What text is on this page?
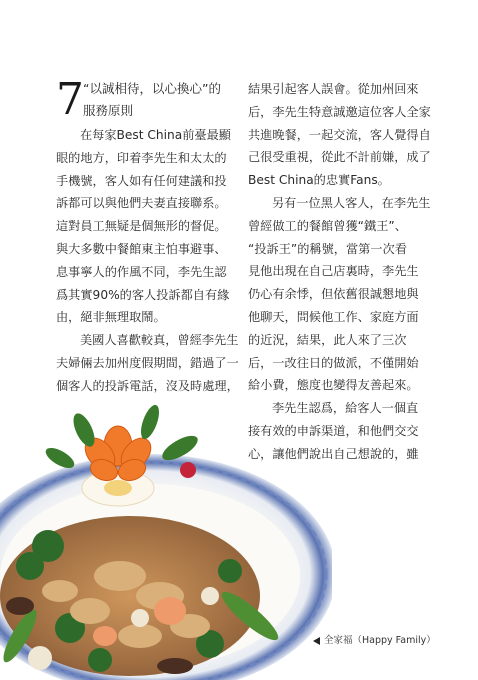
7 “以誠相待，以心換心”的
服務原則
在每家Best China前臺最顯
眼的地方，印着李先生和太太的
手機號，客人如有任何建議和投
訴都可以與他們夫妻直接聯系。
這對員工無疑是個無形的督促。
與大多數中餐館東主怕事避事、
息事寧人的作風不同，李先生認
爲其實90%的客人投訴都自有緣
由，絕非無理取鬧。
美國人喜歡較真，曾經李先生
夫婦倆去加州度假期間，錯過了一
個客人的投訴電話，沒及時處理，
結果引起客人誤會。從加州回來
后，李先生特意誠邀這位客人全家
共進晚餐，一起交流，客人覺得自
己很受重視，從此不計前嫌，成了
Best China的忠實Fans。
另有一位黑人客人，在李先生
曾經做工的餐館曾獲“鐵王”、
“投訴王”的稱號，當第一次看
見他出現在自己店裏時，李先生
仍心有余悸，但依舊很誠懇地與
他聊天，問候他工作、家庭方面
的近況，結果，此人來了三次
后，一改往日的做派，不僅開始
給小費，態度也變得友善起來。
李先生認爲，給客人一個直
接有效的申訴渠道，和他們交交
心，讓他們說出自己想說的，雖
全家福（Happy Family）
